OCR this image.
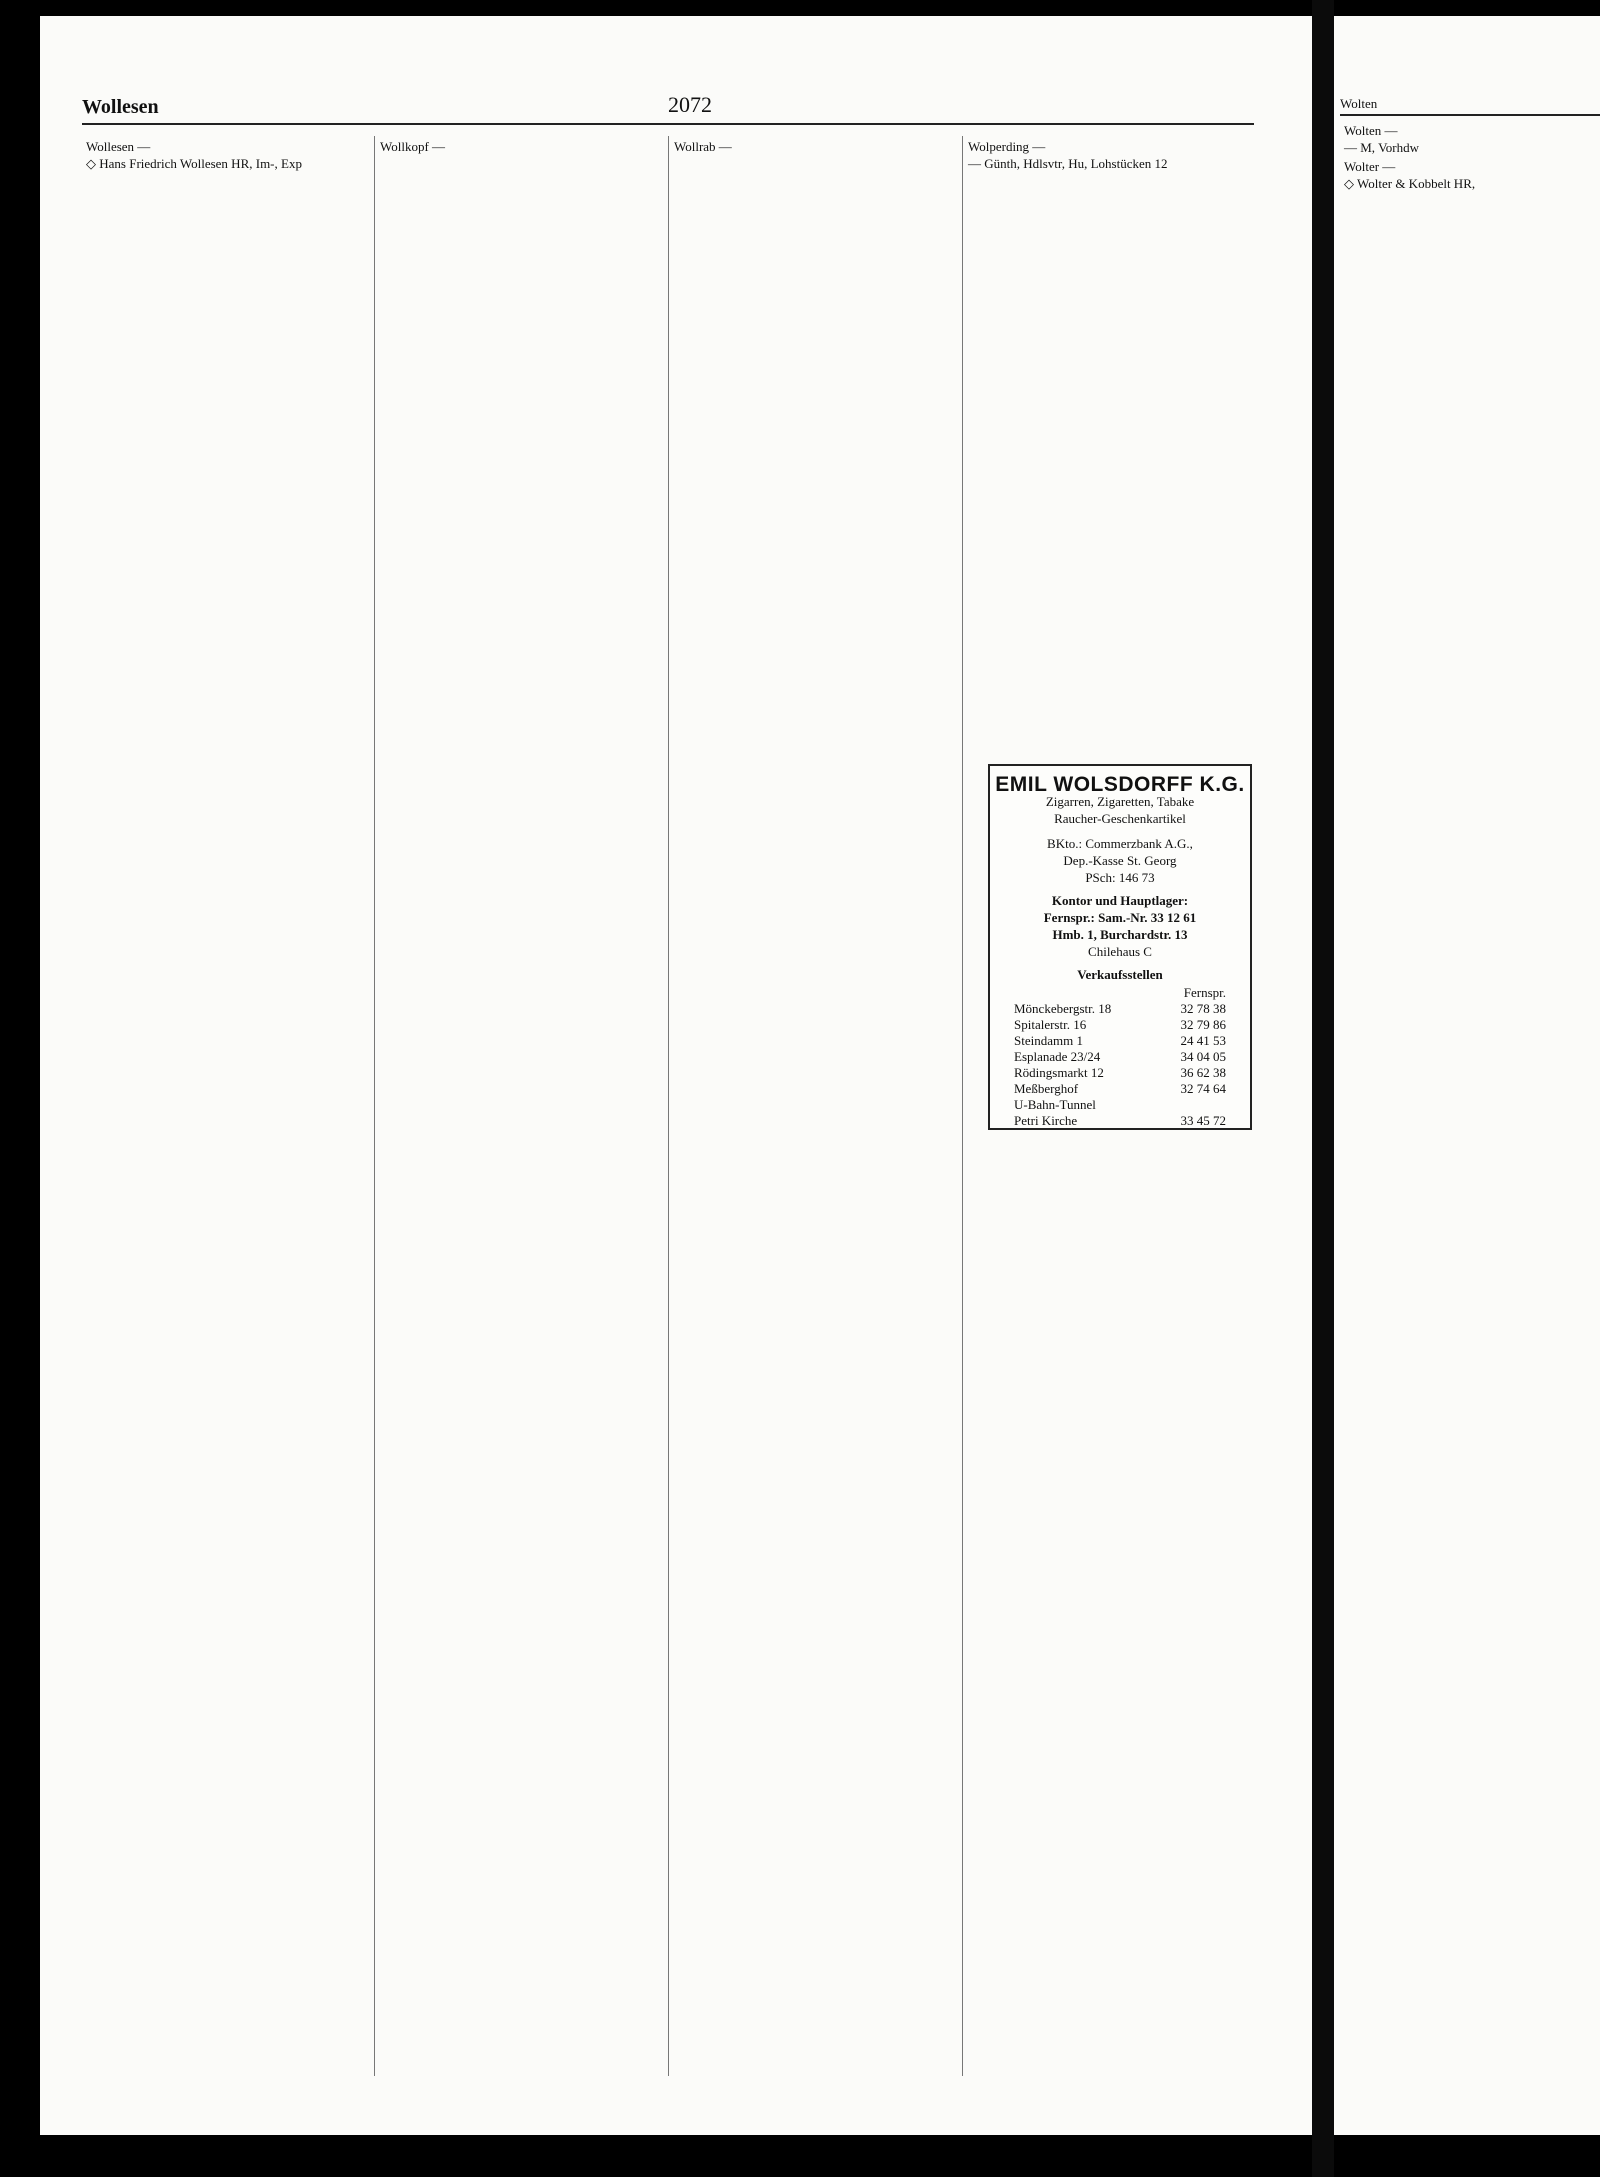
Wolten

Wolten —

— M, Vorhdw

Wolter —

◇ Wolter & Kobbelt HR,

Wollesen	2072

Wollesen —

◇ Hans Friedrich Wollesen HR, Im-, Exp

Wollkopf —	Wollrab —	Wolperding —

— Günth, Hdlsvtr, Hu, Lohstücken 12

EMIL WOLSDORFF K.G.

Zigarren, Zigaretten, Tabake

Raucher-Geschenkartikel

BKto.: Commerzbank A.G.,

Dep.-Kasse St. Georg

PSch: 146 73

Kontor und Hauptlager:

Fernspr.: Sam.-Nr. 33 12 61

Hmb. 1, Burchardstr. 13

Chilehaus C

Verkaufsstellen

	Fernspr.
Mönckebergstr. 18	32 78 38
Spitalerstr. 16	32 79 86
Steindamm 1	24 41 53
Esplanade 23/24	34 04 05
Rödingsmarkt 12	36 62 38
Meßberghof	32 74 64
U-Bahn-Tunnel	
Petri Kirche	33 45 72
